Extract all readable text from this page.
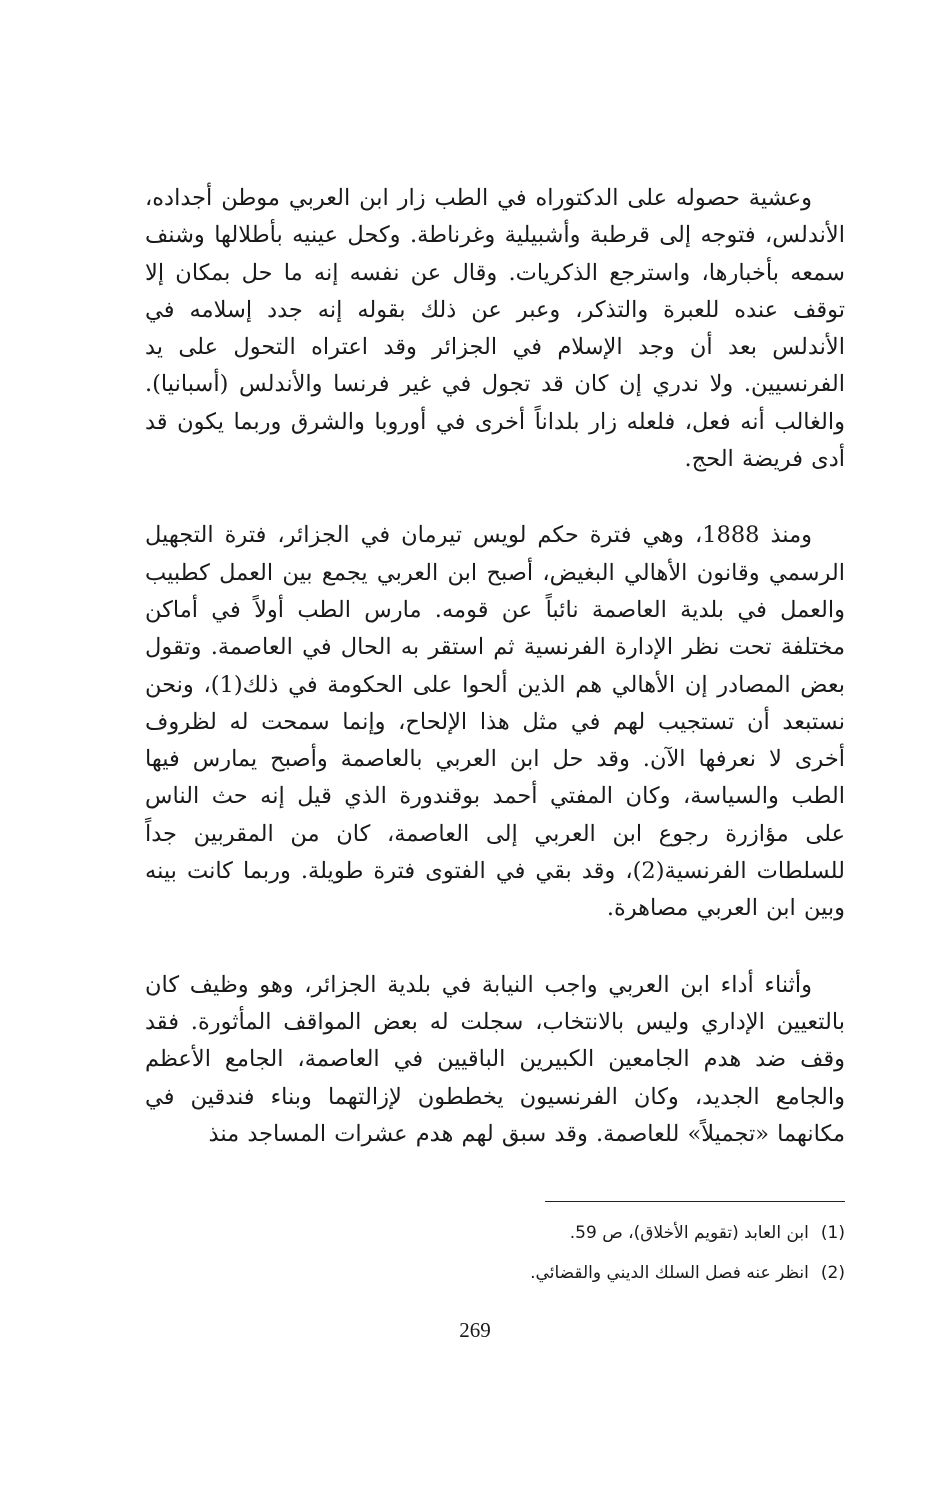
وعشية حصوله على الدكتوراه في الطب زار ابن العربي موطن أجداده، الأندلس، فتوجه إلى قرطبة وأشبيلية وغرناطة. وكحل عينيه بأطلالها وشنف سمعه بأخبارها، واسترجع الذكريات. وقال عن نفسه إنه ما حل بمكان إلا توقف عنده للعبرة والتذكر، وعبر عن ذلك بقوله إنه جدد إسلامه في الأندلس بعد أن وجد الإسلام في الجزائر وقد اعتراه التحول على يد الفرنسيين. ولا ندري إن كان قد تجول في غير فرنسا والأندلس (أسبانيا). والغالب أنه فعل، فلعله زار بلداناً أخرى في أوروبا والشرق وربما يكون قد أدى فريضة الحج.

ومنذ 1888، وهي فترة حكم لويس تيرمان في الجزائر، فترة التجهيل الرسمي وقانون الأهالي البغيض، أصبح ابن العربي يجمع بين العمل كطبيب والعمل في بلدية العاصمة نائباً عن قومه. مارس الطب أولاً في أماكن مختلفة تحت نظر الإدارة الفرنسية ثم استقر به الحال في العاصمة. وتقول بعض المصادر إن الأهالي هم الذين ألحوا على الحكومة في ذلك(1)، ونحن نستبعد أن تستجيب لهم في مثل هذا الإلحاح، وإنما سمحت له لظروف أخرى لا نعرفها الآن. وقد حل ابن العربي بالعاصمة وأصبح يمارس فيها الطب والسياسة، وكان المفتي أحمد بوقندورة الذي قيل إنه حث الناس على مؤازرة رجوع ابن العربي إلى العاصمة، كان من المقربين جداً للسلطات الفرنسية(2)، وقد بقي في الفتوى فترة طويلة. وربما كانت بينه وبين ابن العربي مصاهرة.

وأثناء أداء ابن العربي واجب النيابة في بلدية الجزائر، وهو وظيف كان بالتعيين الإداري وليس بالانتخاب، سجلت له بعض المواقف المأثورة. فقد وقف ضد هدم الجامعين الكبيرين الباقيين في العاصمة، الجامع الأعظم والجامع الجديد، وكان الفرنسيون يخططون لإزالتهما وبناء فندقين في مكانهما «تجميلاً» للعاصمة. وقد سبق لهم هدم عشرات المساجد منذ

(1)ابن العابد (تقويم الأخلاق)، ص 59.
(2)انظر عنه فصل السلك الديني والقضائي.
269
